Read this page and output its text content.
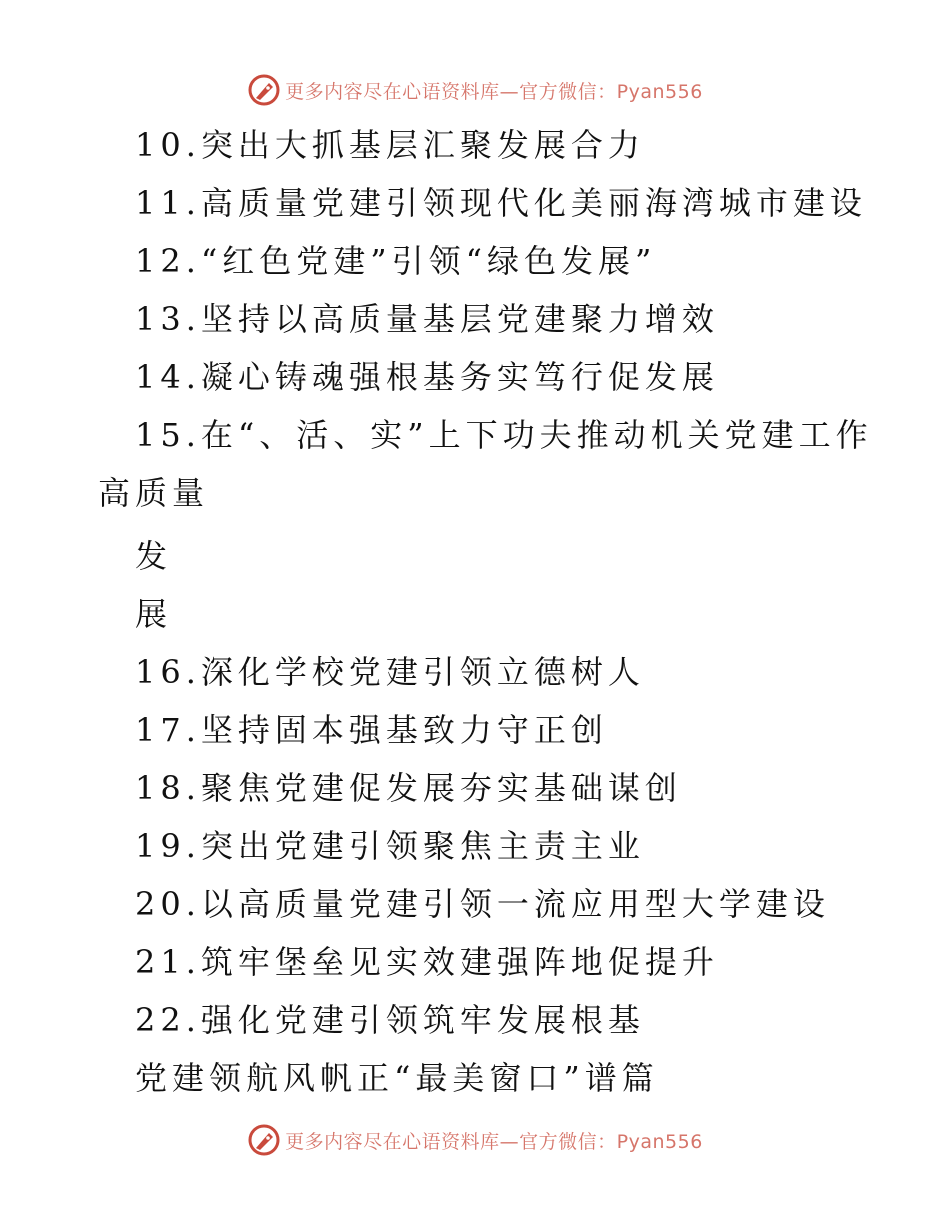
更多内容尽在心语资料库—官方微信：Pyan556
10.突出大抓基层汇聚发展合力
11.高质量党建引领现代化美丽海湾城市建设
12.“红色党建”引领“绿色发展”
13.坚持以高质量基层党建聚力增效
14.凝心铸魂强根基务实笃行促发展
15.在“、活、实”上下功夫推动机关党建工作
高质量
发
展
16.深化学校党建引领立德树人
17.坚持固本强基致力守正创
18.聚焦党建促发展夯实基础谋创
19.突出党建引领聚焦主责主业
20.以高质量党建引领一流应用型大学建设
21.筑牢堡垒见实效建强阵地促提升
22.强化党建引领筑牢发展根基
党建领航风帆正“最美窗口”谱篇
更多内容尽在心语资料库—官方微信：Pyan556
